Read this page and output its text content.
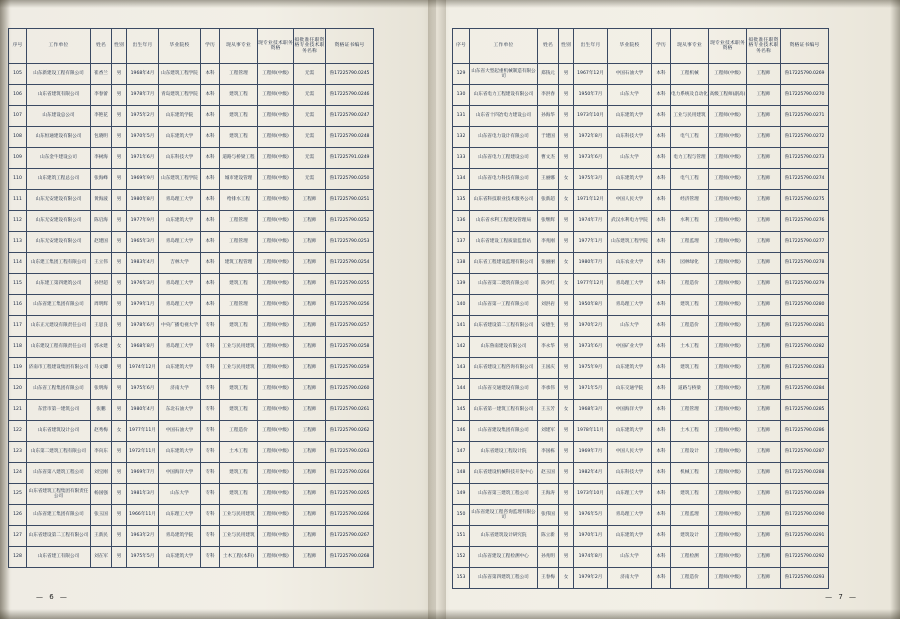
序号	工作单位	姓名	性别	出生年月	毕业院校	学历	现从事专业	现专业技术职务资格	拟批准任职资格专业技术职务名称	资格证书编号
105	山东新建设工程有限公司	崔香兰	男	1968年4月	山东建筑工程学院	本科	工程管理	工程师(中级)	无需	鲁17225790.0245
106	山东省建筑有限公司	李春蕾	男	1978年7月	青岛建筑工程学院	本科	建筑工程	工程师(中级)	无需	鲁17225790.0246
107	山东建设总公司	李艳花	男	1975年2月	山东建筑学院	本科	建筑工程	工程师(中级)	无需	鲁17225790.0247
108	山东恒通建设有限公司	包晓明	男	1970年5月	山东建筑大学	本科	建筑工程	工程师(中级)	无需	鲁17225790.0248
109	山东金牛建设公司	李树海	男	1971年6月	山东科技大学	本科	道路与桥梁工程	工程师(中级)	无需	鲁17225791.0249
110	山东建筑工程总公司	张海峰	男	1969年9月	山东建筑工程学院	本科	城市建设管理	工程师(中级)	无需	鲁17225790.0250
111	山东无安建设有限公司	黄海波	男	1980年8月	青岛理工大学	本科	给排水工程	工程师(中级)	工程师	鲁17225790.0251
112	山东无安建设有限公司	陈启海	男	1977年9月	山东建筑大学	本科	工程管理	工程师(中级)	工程师	鲁17225790.0252
113	山东无安建设有限公司	赵建国	男	1965年3月	青岛理工大学	本科	工程管理	工程师(中级)	工程师	鲁17225790.0253
114	山东建工集团工程有限公司	王立伟	男	1983年4月	吉林大学	本科	建筑工程管理	工程师(中级)	工程师	鲁17225790.0254
115	山东建工第四建筑公司	孙世超	男	1976年3月	青岛理工大学	本科	建筑工程	工程师(中级)	工程师	鲁17225790.0255
116	山东省建工集团有限公司	周明辉	男	1979年1月	青岛理工大学	本科	工程管理	工程师(中级)	工程师	鲁17225790.0256
117	山东正元建设有限责任公司	王思良	男	1978年6月	中央广播电视大学	专科	建筑工程	工程师(中级)	工程师	鲁17225790.0257
118	山东建设工程有限责任公司	郭永建	女	1968年8月	青岛理工大学	专科	工业与民用建筑	工程师(中级)	工程师	鲁17225790.0258
119	济南市工程建设集团有限公司	马文卿	男	1974年12月	山东建筑大学	专科	工业与民用建筑	工程师(中级)	工程师	鲁17225790.0259
120	山东省工程集团有限公司	张明海	男	1975年6月	济南大学	专科	建筑工程	工程师(中级)	工程师	鲁17225790.0260
121	东营市第一建筑公司	张鹏	男	1980年4月	东北石油大学	专科	建筑工程	工程师(中级)	工程师	鲁17225790.0261
122	山东省建筑设计公司	赵秀梅	女	1977年11月	中国石油大学	专科	工程造价	工程师(中级)	工程师	鲁17225790.0262
123	山东第二建筑工程有限公司	李向东	男	1972年11月	山东建筑大学	专科	土木工程	工程师(中级)	工程师	鲁17225790.0263
124	山东省第八建筑工程公司	刘宝刚	男	1969年7月	中国海洋大学	专科	建筑工程	工程师(中级)	工程师	鲁17225790.0264
125	山东省建筑工程集团有限责任公司	杨国强	男	1981年3月	山东大学	专科	建筑工程	工程师(中级)	工程师	鲁17225790.0265
126	山东省建工集团有限公司	张玉国	男	1966年11月	山东理工大学	专科	工业与民用建筑	工程师(中级)	工程师	鲁17225790.0266
127	山东省建设第二工程有限公司	王新民	男	1963年2月	青岛建筑学院	专科	工业与民用建筑	工程师(中级)	工程师	鲁17225790.0267
128	山东省建工有限公司	刘在军	男	1975年5月	山东建筑大学	专科	土木工程(本科)	工程师(中级)	工程师	鲁17225790.0268
序号	工作单位	姓名	性别	出生年月	毕业院校	学历	现从事专业	现专业技术职务资格	拟批准任职资格专业技术职务名称	资格证书编号
129	山东省大型起重机械制造有限公司	郑钱元	男	1967年12月	中国石油大学	本科	工程机械	工程师(中级)	工程师	鲁17225790.0269
130	山东省电力工程建设有限公司	李洪春	男	1950年7月	山东大学	本科	电力系统及自动化	高级工程师(副高)	工程师	鲁17225790.0270
131	山东省十四冶电力建设公司	孙海华	男	1973年10月	山东建筑大学	本科	工业与民用建筑	工程师(中级)	工程师	鲁17225790.0271
132	山东省电力设计有限公司	于建国	男	1972年8月	山东科技大学	本科	电气工程	工程师(中级)	工程师	鲁17225790.0272
133	山东省电力工程建设公司	曹文杰	男	1973年6月	山东大学	本科	电力工程与管理	工程师(中级)	工程师	鲁17225790.0273
134	山东省电力科技有限公司	王丽娜	女	1975年3月	山东建筑大学	本科	电气工程	工程师(中级)	工程师	鲁17225790.0274
135	山东省科技职业技术服务公司	张新超	女	1971年12月	中国人民大学	本科	经济管理	工程师(中级)	工程师	鲁17225790.0275
136	山东省水利工程建设管理局	张继辉	男	1974年7月	武汉水利电力学院	本科	水利工程	工程师(中级)	工程师	鲁17225790.0276
137	山东省建设工程质量监督站	李兆刚	男	1977年1月	山东建筑工程学院	本科	工程监理	工程师(中级)	工程师	鲁17225790.0277
138	山东省工程建设监理有限公司	张丽丽	女	1980年7月	山东农业大学	本科	园林绿化	工程师(中级)	工程师	鲁17225790.0278
139	山东省第二建筑有限公司	陈少红	女	1977年12月	青岛理工大学	本科	工程造价	工程师(中级)	工程师	鲁17225790.0279
140	山东省第一工程有限公司	刘洪岩	男	1950年8月	青岛理工大学	本科	建筑工程	工程师(中级)	工程师	鲁17225790.0280
141	山东省建设第二工程有限公司	安德生	男	1970年2月	山东大学	本科	工程造价	工程师(中级)	工程师	鲁17225790.0281
142	山东鲁南建设有限公司	李永华	男	1973年6月	中国矿业大学	本科	土木工程	工程师(中级)	工程师	鲁17225790.0282
143	山东省建设工程咨询有限公司	王国庆	男	1975年9月	山东建筑大学	本科	建筑工程	工程师(中级)	工程师	鲁17225790.0283
144	山东省交通建设有限公司	李承伟	男	1971年5月	山东交通学院	本科	道路与桥梁	工程师(中级)	工程师	鲁17225790.0284
145	山东省第一建筑工程有限公司	王玉芳	女	1968年3月	中国海洋大学	本科	工程管理	工程师(中级)	工程师	鲁17225790.0285
146	山东省建设集团有限公司	刘建军	男	1978年11月	山东建筑大学	本科	土木工程	工程师(中级)	工程师	鲁17225790.0286
147	山东省建设工程设计院	李国栋	男	1969年7月	中国人民大学	本科	工程设计	工程师(中级)	工程师	鲁17225790.0287
148	山东省建设机械科技开发中心	赵玉国	男	1982年4月	山东科技大学	本科	机械工程	工程师(中级)	工程师	鲁17225790.0288
149	山东省第三建筑工程公司	王海涛	男	1973年10月	山东理工大学	本科	建筑工程	工程师(中级)	工程师	鲁17225790.0289
150	山东省建设工程咨询监理有限公司	张伟国	男	1976年5月	青岛理工大学	本科	工程监理	工程师(中级)	工程师	鲁17225790.0290
151	山东省建筑设计研究院	陈立新	男	1970年1月	山东建筑大学	本科	建筑设计	工程师(中级)	工程师	鲁17225790.0291
152	山东省建设工程检测中心	孙兆明	男	1974年8月	山东大学	本科	工程检测	工程师(中级)	工程师	鲁17225790.0292
153	山东省第四建筑工程公司	王春梅	女	1979年2月	济南大学	本科	工程造价	工程师(中级)	工程师	鲁17225790.0293
— 6 —	— 7 —
